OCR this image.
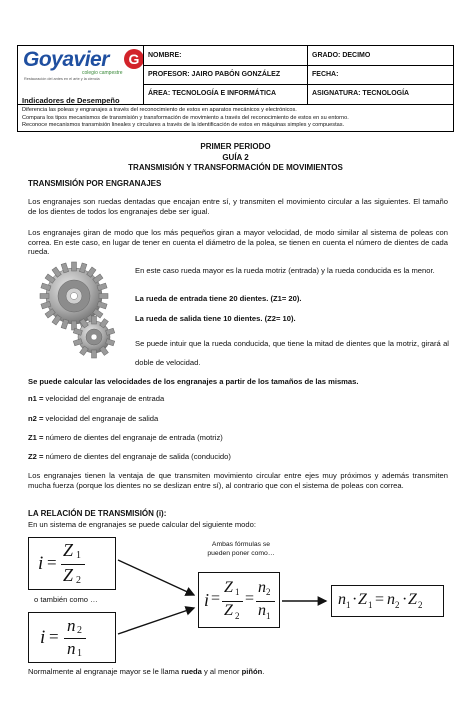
Goyavier	G
colegio campestre
Restauración del antes en el arte y la ciencia
NOMBRE:	GRADO: DECIMO
PROFESOR: JAIRO PABÓN GONZÁLEZ	FECHA:
ÁREA: TECNOLOGÍA E INFORMÁTICA	ASIGNATURA: TECNOLOGÍA
Indicadores de Desempeño
Diferencia las poleas y engranajes a través del reconocimiento de estos en aparatos mecánicos y electrónicos.
Compara los tipos mecanismos de transmisión y transformación de movimiento a través del reconocimiento de estos en su entorno.
Reconoce mecanismos transmisión lineales y circulares a través de la identificación de estos en máquinas simples y compuestas.
PRIMER PERIODO
GUÍA 2
TRANSMISIÓN Y TRANSFORMACIÓN DE MOVIMIENTOS
TRANSMISIÓN POR ENGRANAJES
Los engranajes son ruedas dentadas que encajan entre sí, y transmiten el movimiento circular a las siguientes. El tamaño de los dientes de todos los engranajes debe ser igual.
Los engranajes giran de modo que los más pequeños giran a mayor velocidad, de modo similar al sistema de poleas con correa. En este caso, en lugar de tener en cuenta el diámetro de la polea, se tienen en cuenta el número de dientes de cada rueda.
En este caso rueda mayor es la rueda motriz (entrada) y la rueda conducida es la menor.
La rueda de entrada tiene 20 dientes. (Z1= 20).
La rueda de salida tiene 10 dientes. (Z2= 10).
Se puede intuir que la rueda conducida, que tiene la mitad de dientes que la motriz, girará al doble de velocidad.
Se puede calcular las velocidades de los engranajes a partir de los tamaños de las mismas.
n1 = velocidad del engranaje de entrada
n2 = velocidad del engranaje de salida
Z1 = número de dientes del engranaje de entrada (motriz)
Z2 = número de dientes del engranaje de salida (conducido)
Los engranajes tienen la ventaja de que transmiten movimiento circular entre ejes muy próximos y además transmiten mucha fuerza (porque los dientes no se deslizan entre sí), al contrario que con el sistema de poleas con correa.
LA RELACIÓN DE TRANSMISIÓN (i):
En un sistema de engranajes se puede calcular del siguiente modo:
i =
Z 1
Z 2
o también como …
i =
n 2
n 1
Ambas fórmulas se pueden poner como…
i =
Z 1
Z 2
=
n 2
n 1
n 1 · Z 1 = n 2 · Z 2
Normalmente al engranaje mayor se le llama rueda y al menor piñón.
